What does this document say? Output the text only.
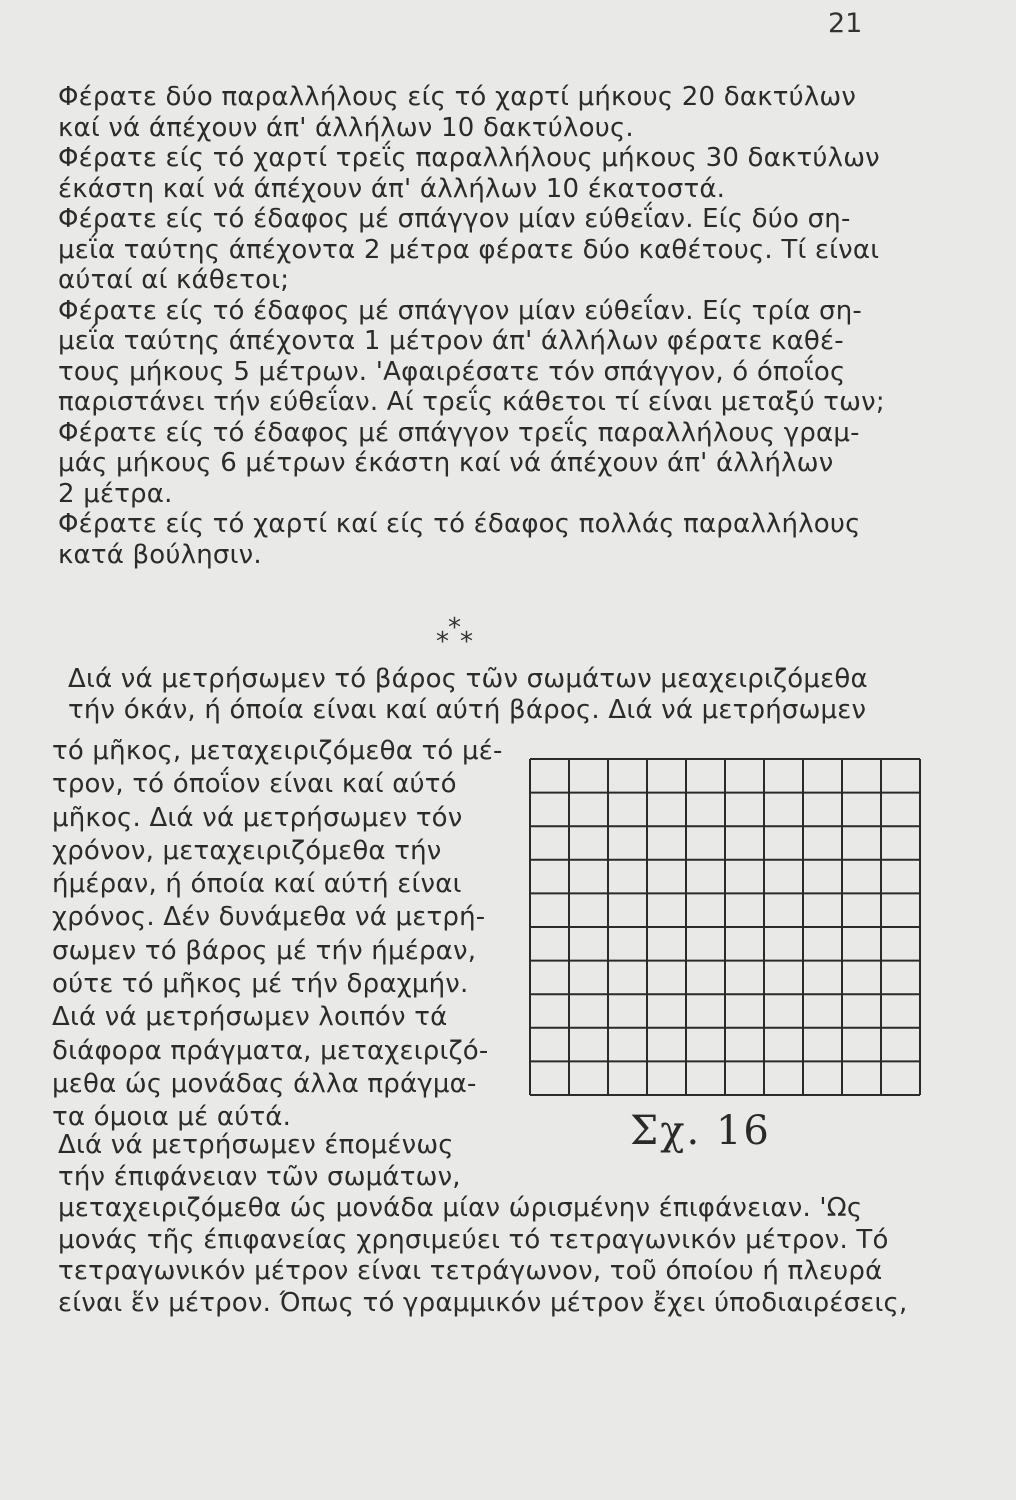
21
Φέρατε δύο παραλλήλους είς τό χαρτί μήκους 20 δακτύλων
καί νά άπέχουν άπ' άλλήλων 10 δακτύλους.
Φέρατε είς τό χαρτί τρεΐς παραλλήλους μήκους 30 δακτύλων
έκάστη καί νά άπέχουν άπ' άλλήλων 10 έκατοστά.
Φέρατε είς τό έδαφος μέ σπάγγον μίαν εύθεΐαν. Είς δύο ση-
μεΐα ταύτης άπέχοντα 2 μέτρα φέρατε δύο καθέτους. Τί είναι
αύταί αί κάθετοι;
Φέρατε είς τό έδαφος μέ σπάγγον μίαν εύθεΐαν. Είς τρία ση-
μεΐα ταύτης άπέχοντα 1 μέτρον άπ' άλλήλων φέρατε καθέ-
τους μήκους 5 μέτρων. 'Αφαιρέσατε τόν σπάγγον, ό όποΐος
παριστάνει τήν εύθεΐαν. Αί τρεΐς κάθετοι τί είναι μεταξύ των;
Φέρατε είς τό έδαφος μέ σπάγγον τρεΐς παραλλήλους γραμ-
μάς μήκους 6 μέτρων έκάστη καί νά άπέχουν άπ' άλλήλων
2 μέτρα.
Φέρατε είς τό χαρτί καί είς τό έδαφος πολλάς παραλλήλους
κατά βούλησιν.
*
* *
Διά νά μετρήσωμεν τό βάρος τῶν σωμάτων μεαχειριζόμεθα
τήν όκάν, ή όποία είναι καί αύτή βάρος. Διά νά μετρήσωμεν
τό μῆκος, μεταχειριζόμεθα τό μέ-
τρον, τό όποΐον είναι καί αύτό
μῆκος. Διά νά μετρήσωμεν τόν
χρόνον, μεταχειριζόμεθα τήν
ήμέραν, ή όποία καί αύτή είναι
χρόνος. Δέν δυνάμεθα νά μετρή-
σωμεν τό βάρος μέ τήν ήμέραν,
ούτε τό μῆκος μέ τήν δραχμήν.
Διά νά μετρήσωμεν λοιπόν τά
διάφορα πράγματα, μεταχειριζό-
μεθα ώς μονάδας άλλα πράγμα-
τα όμοια μέ αύτά.	Σχ. 16
Διά νά μετρήσωμεν έπομένως
τήν έπιφάνειαν τῶν σωμάτων,
μεταχειριζόμεθα ώς μονάδα μίαν ώρισμένην έπιφάνειαν. 'Ως
μονάς τῆς έπιφανείας χρησιμεύει τό τετραγωνικόν μέτρον. Τό
τετραγωνικόν μέτρον είναι τετράγωνον, τοῦ όποίου ή πλευρά
είναι ἕν μέτρον. Όπως τό γραμμικόν μέτρον ἔχει ύποδιαιρέσεις,
